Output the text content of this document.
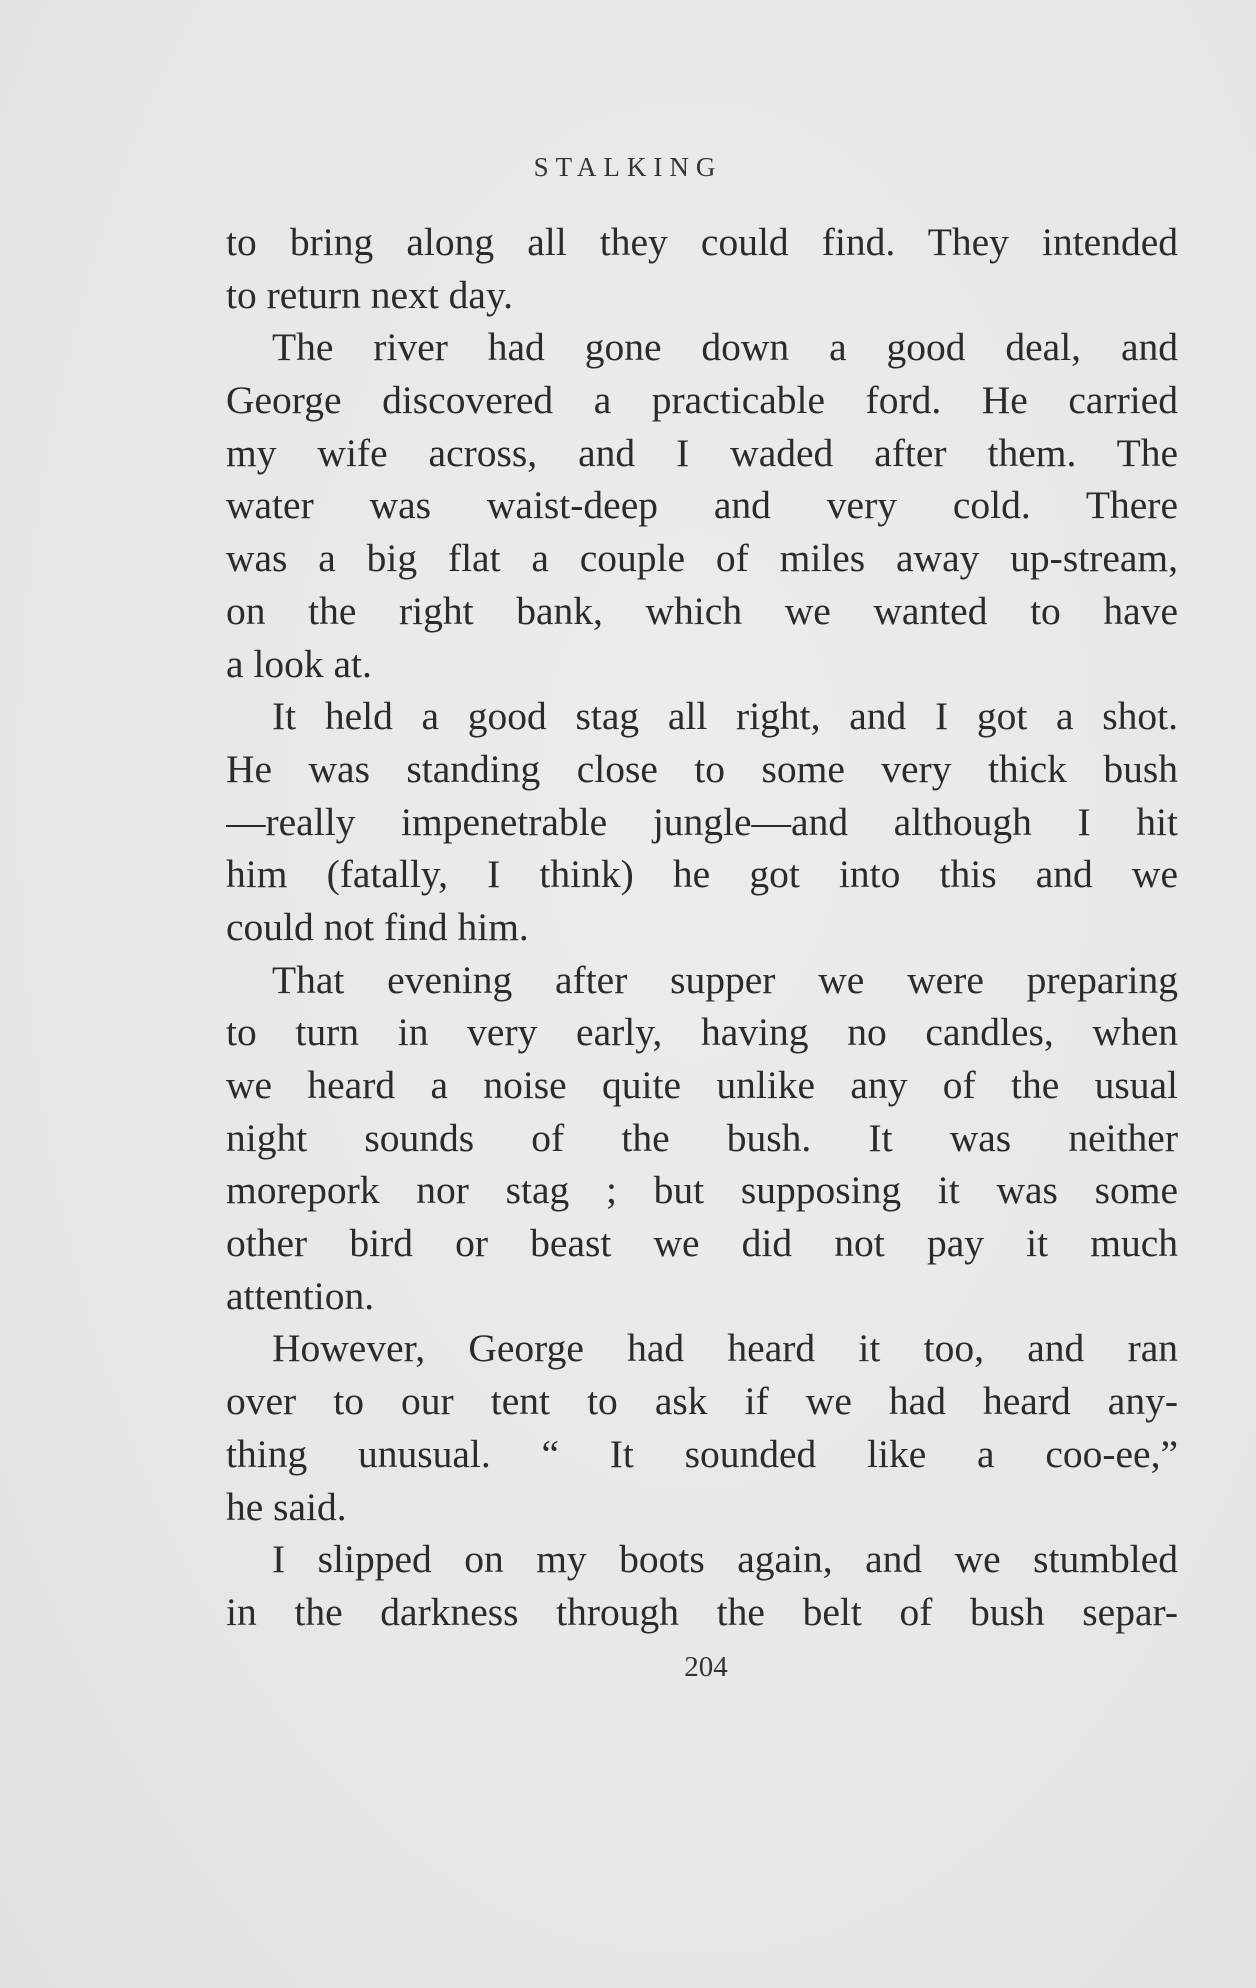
STALKING
to bring along all they could find. They intended
to return next day.
The river had gone down a good deal, and
George discovered a practicable ford. He carried
my wife across, and I waded after them. The
water was waist-deep and very cold. There
was a big flat a couple of miles away up-stream,
on the right bank, which we wanted to have
a look at.
It held a good stag all right, and I got a shot.
He was standing close to some very thick bush
—really impenetrable jungle—and although I hit
him (fatally, I think) he got into this and we
could not find him.
That evening after supper we were preparing
to turn in very early, having no candles, when
we heard a noise quite unlike any of the usual
night sounds of the bush. It was neither
morepork nor stag ; but supposing it was some
other bird or beast we did not pay it much
attention.
However, George had heard it too, and ran
over to our tent to ask if we had heard any-
thing unusual. “ It sounded like a coo-ee,”
he said.
I slipped on my boots again, and we stumbled
in the darkness through the belt of bush separ-
204
